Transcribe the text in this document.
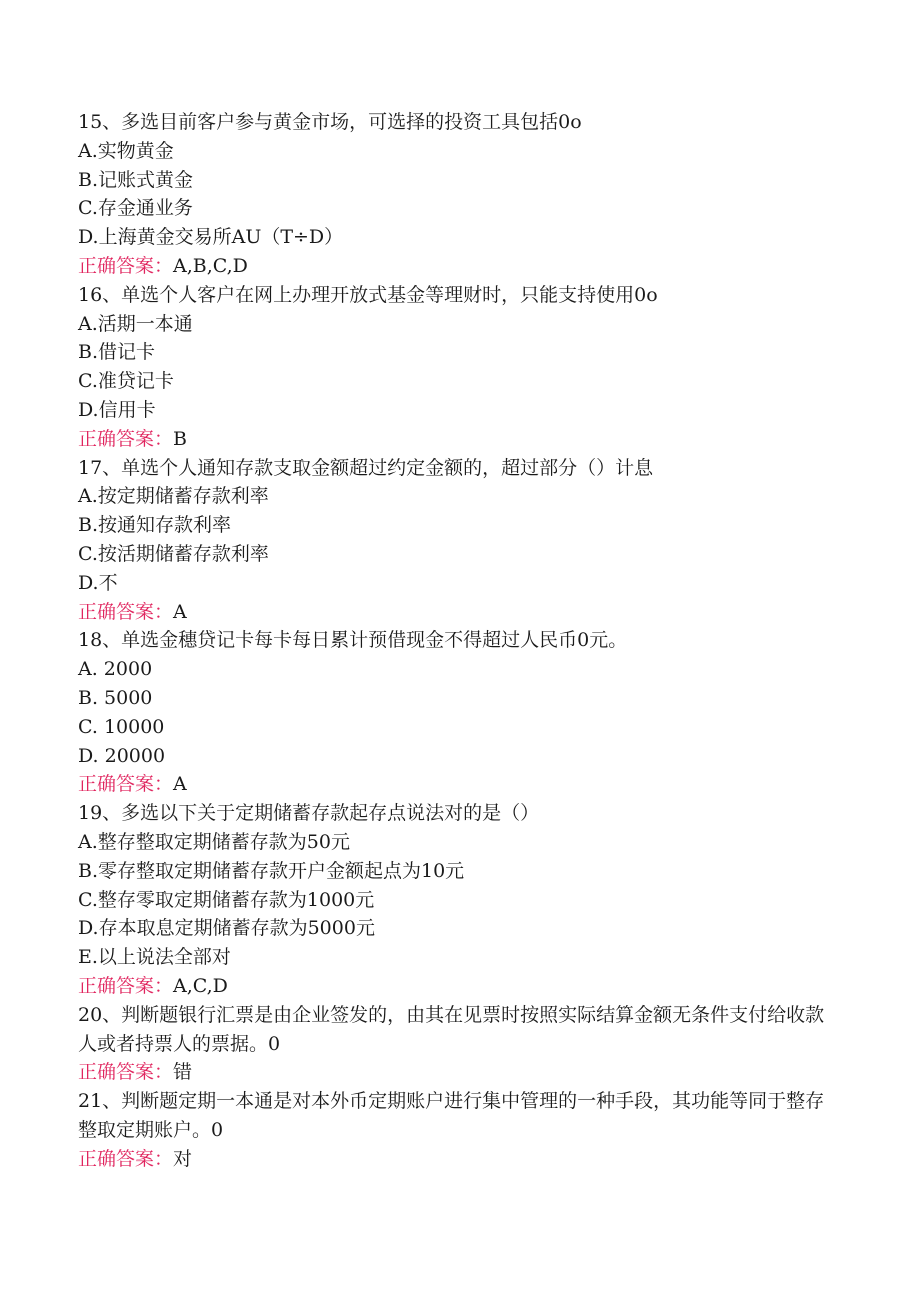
15、多选目前客户参与黄金市场，可选择的投资工具包括0o
A.实物黄金
B.记账式黄金
C.存金通业务
D.上海黄金交易所AU（T÷D）
正确答案： A,B,C,D
16、单选个人客户在网上办理开放式基金等理财时，只能支持使用0o
A.活期一本通
B.借记卡
C.准贷记卡
D.信用卡
正确答案： B
17、单选个人通知存款支取金额超过约定金额的，超过部分（）计息
A.按定期储蓄存款利率
B.按通知存款利率
C.按活期储蓄存款利率
D.不
正确答案： A
18、单选金穗贷记卡每卡每日累计预借现金不得超过人民币0元。
A. 2000
B. 5000
C. 10000
D. 20000
正确答案： A
19、多选以下关于定期储蓄存款起存点说法对的是（）
A.整存整取定期储蓄存款为50元
B.零存整取定期储蓄存款开户金额起点为10元
C.整存零取定期储蓄存款为1000元
D.存本取息定期储蓄存款为5000元
E.以上说法全部对
正确答案： A,C,D
20、判断题银行汇票是由企业签发的，由其在见票时按照实际结算金额无条件支付给收款人或者持票人的票据。0
正确答案： 错
21、判断题定期一本通是对本外币定期账户进行集中管理的一种手段，其功能等同于整存整取定期账户。0
正确答案： 对
